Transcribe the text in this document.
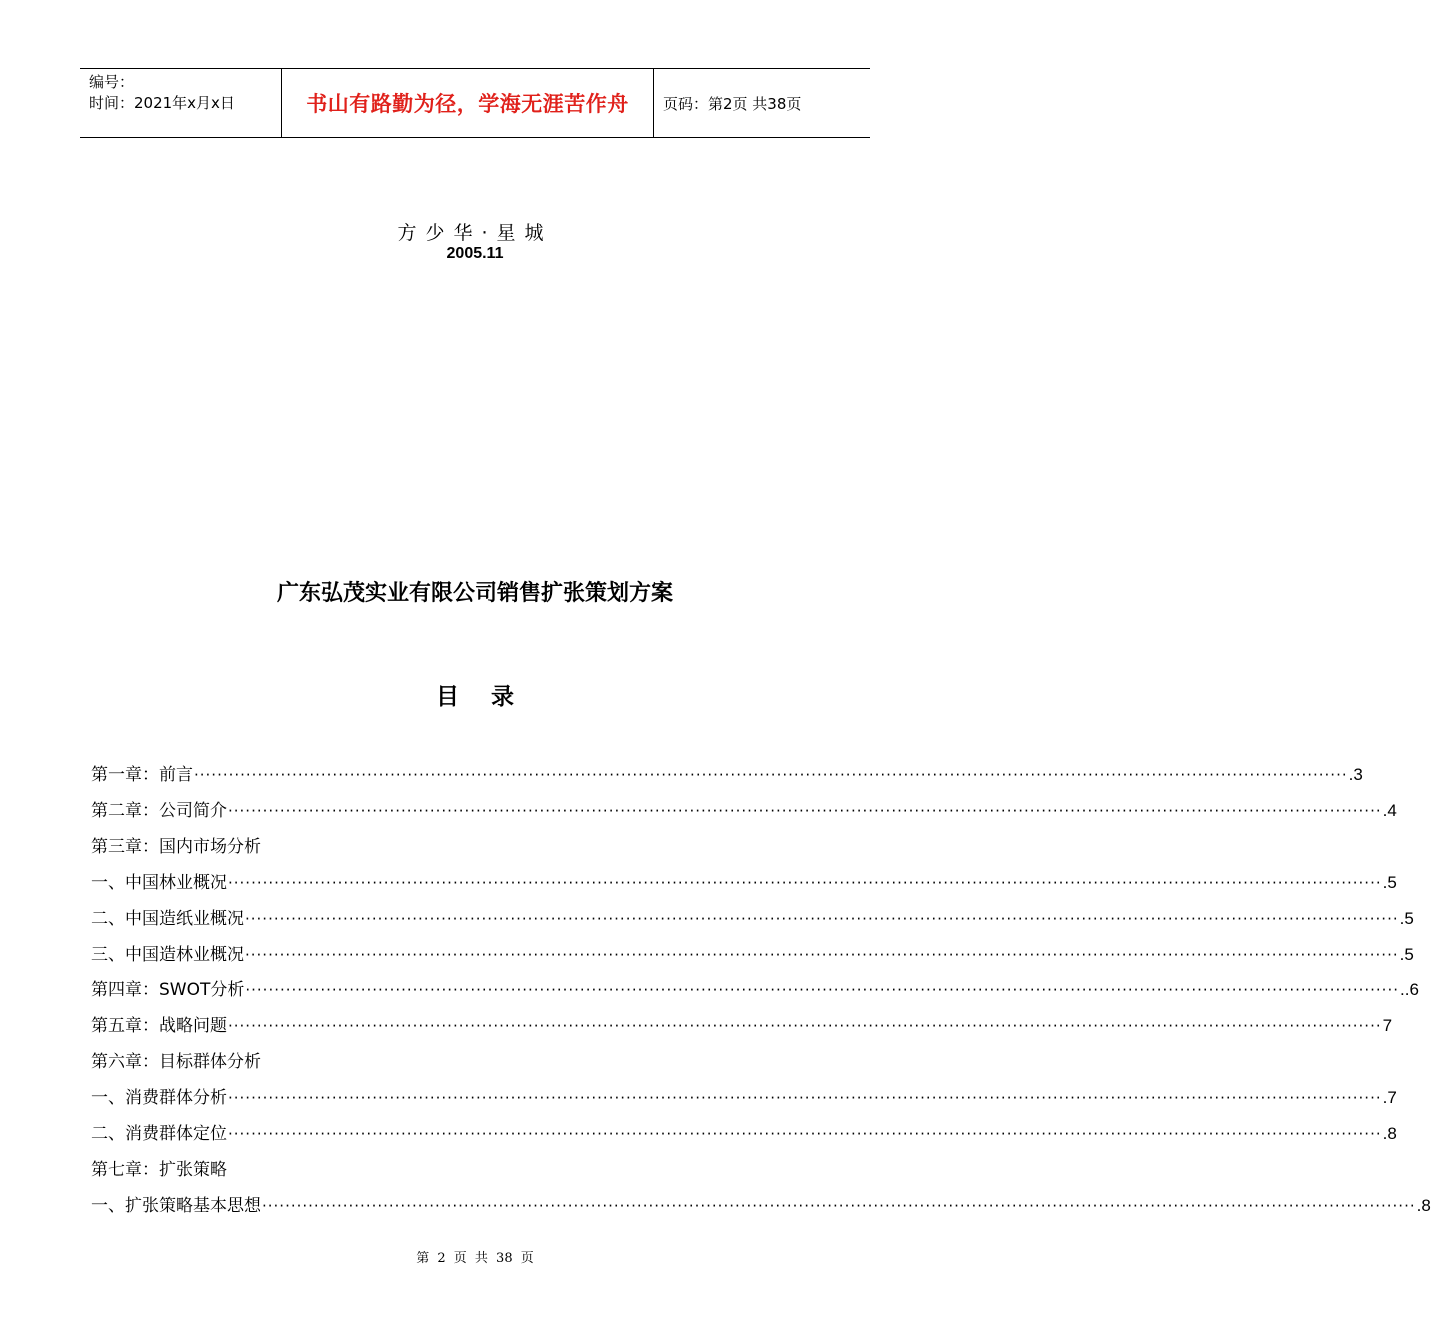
编号：
时间：2021年x月x日	书山有路勤为径，学海无涯苦作舟	页码：第2页 共38页
方少华·星城
2005.11
广东弘茂实业有限公司销售扩张策划方案
目录
第一章：前言 ········································································································································································································ .3
第二章：公司简介 ········································································································································································································ .4
第三章：国内市场分析
一、 中国林业概况 ········································································································································································································ .5
二、 中国造纸业概况 ········································································································································································································ .5
三、 中国造林业概况 ········································································································································································································ .5
第四章：SWOT分析 ········································································································································································································ ..6
第五章：战略问题 ········································································································································································································ 7
第六章：目标群体分析
一、 消费群体分析 ········································································································································································································ .7
二、 消费群体定位 ········································································································································································································ .8
第七章：扩张策略
一、 扩张策略基本思想 ········································································································································································································ .8
第 2 页 共 38 页
